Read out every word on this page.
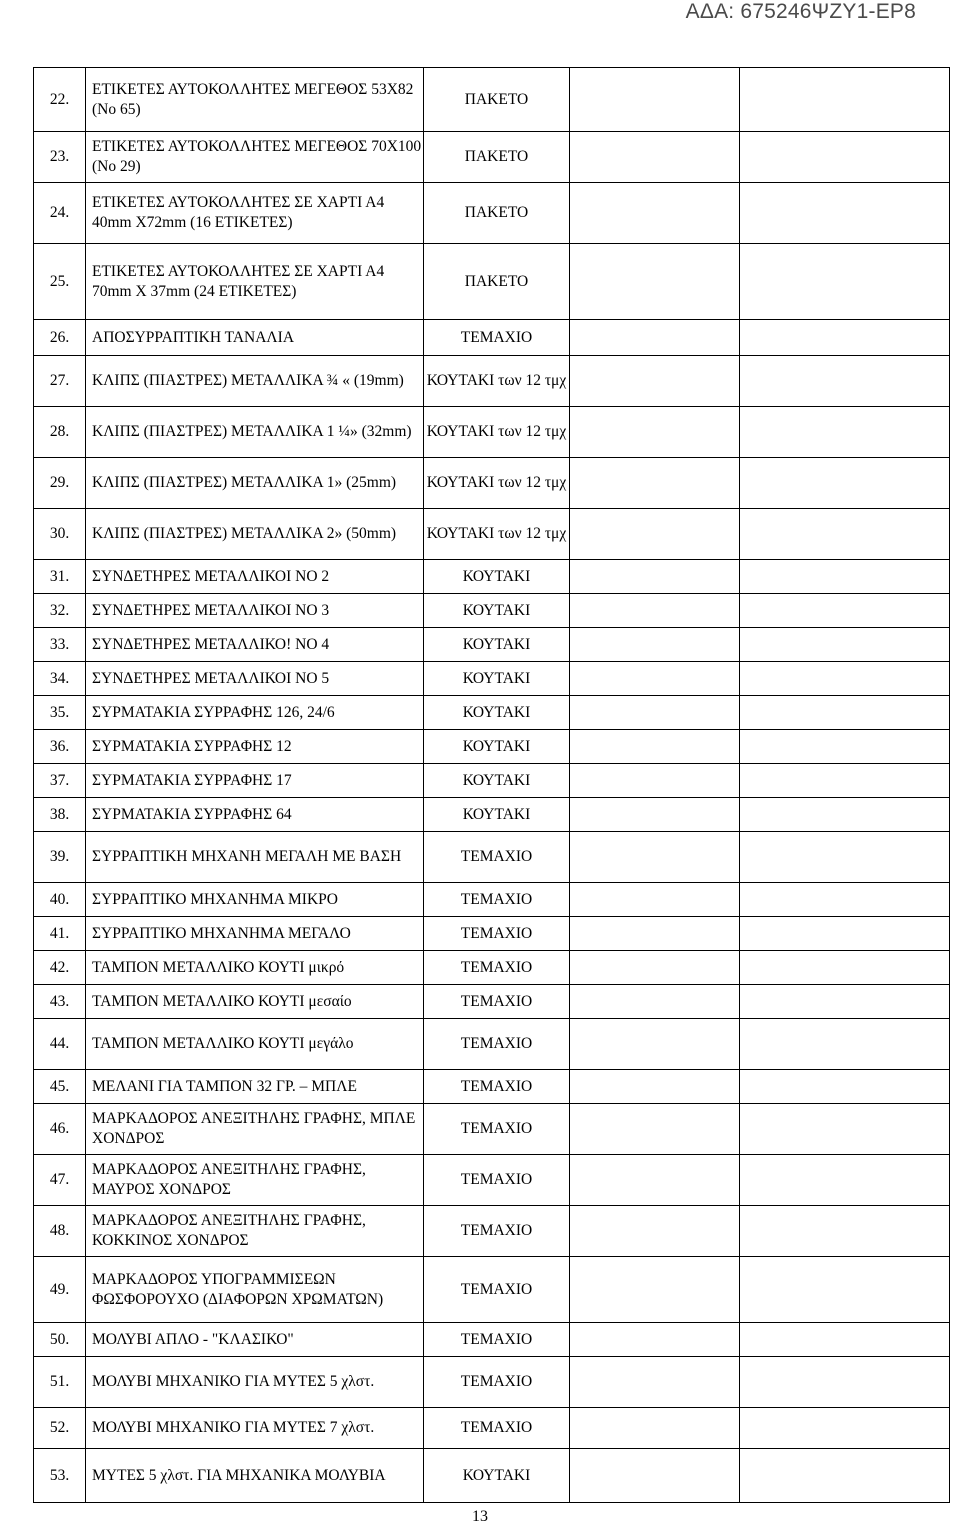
ΑΔΑ: 675246ΨΖΥ1-ΕΡ8
22.	ΕΤΙΚΕΤΕΣ ΑΥΤΟΚΟΛΛΗΤΕΣ ΜΕΓΕΘΟΣ 53Χ82 (Νο 65)	ΠΑΚΕΤΟ		
23.	ΕΤΙΚΕΤΕΣ ΑΥΤΟΚΟΛΛΗΤΕΣ ΜΕΓΕΘΟΣ 70Χ100 (Νο 29)	ΠΑΚΕΤΟ		
24.	ΕΤΙΚΕΤΕΣ ΑΥΤΟΚΟΛΛΗΤΕΣ ΣΕ ΧΑΡΤΙ Α4 40mm X72mm (16 ΕΤΙΚΕΤΕΣ)	ΠΑΚΕΤΟ		
25.	ΕΤΙΚΕΤΕΣ ΑΥΤΟΚΟΛΛΗΤΕΣ ΣΕ ΧΑΡΤΙ Α4 70mm X 37mm (24 ΕΤΙΚΕΤΕΣ)	ΠΑΚΕΤΟ		
26.	ΑΠΟΣΥΡΡΑΠΤΙΚΗ ΤΑΝΑΛΙΑ	ΤΕΜΑΧΙΟ		
27.	ΚΛΙΠΣ (ΠΙΑΣΤΡΕΣ) ΜΕΤΑΛΛΙΚΑ ¾ « (19mm)	ΚΟΥΤΑΚΙ των 12 τμχ		
28.	ΚΛΙΠΣ (ΠΙΑΣΤΡΕΣ) ΜΕΤΑΛΛΙΚΑ 1 ¼» (32mm)	ΚΟΥΤΑΚΙ των 12 τμχ		
29.	ΚΛΙΠΣ (ΠΙΑΣΤΡΕΣ) ΜΕΤΑΛΛΙΚΑ 1» (25mm)	ΚΟΥΤΑΚΙ των 12 τμχ		
30.	ΚΛΙΠΣ (ΠΙΑΣΤΡΕΣ) ΜΕΤΑΛΛΙΚΑ 2» (50mm)	ΚΟΥΤΑΚΙ των 12 τμχ		
31.	ΣΥΝΔΕΤΗΡΕΣ ΜΕΤΑΛΛΙΚΟΙ ΝΟ 2	ΚΟΥΤΑΚΙ		
32.	ΣΥΝΔΕΤΗΡΕΣ ΜΕΤΑΛΛΙΚΟΙ ΝΟ 3	ΚΟΥΤΑΚΙ		
33.	ΣΥΝΔΕΤΗΡΕΣ ΜΕΤΑΛΛΙΚΟ! ΝΟ 4	ΚΟΥΤΑΚΙ		
34.	ΣΥΝΔΕΤΗΡΕΣ ΜΕΤΑΛΛΙΚΟΙ ΝΟ 5	ΚΟΥΤΑΚΙ		
35.	ΣΥΡΜΑΤΑΚΙΑ ΣΥΡΡΑΦΗΣ 126, 24/6	ΚΟΥΤΑΚΙ		
36.	ΣΥΡΜΑΤΑΚΙΑ ΣΥΡΡΑΦΗΣ 12	ΚΟΥΤΑΚΙ		
37.	ΣΥΡΜΑΤΑΚΙΑ ΣΥΡΡΑΦΗΣ 17	ΚΟΥΤΑΚΙ		
38.	ΣΥΡΜΑΤΑΚΙΑ ΣΥΡΡΑΦΗΣ 64	ΚΟΥΤΑΚΙ		
39.	ΣΥΡΡΑΠΤΙΚΗ ΜΗΧΑΝΗ ΜΕΓΑΛΗ ΜΕ ΒΑΣΗ	ΤΕΜΑΧΙΟ		
40.	ΣΥΡΡΑΠΤΙΚΟ ΜΗΧΑΝΗΜΑ ΜΙΚΡΟ	ΤΕΜΑΧΙΟ		
41.	ΣΥΡΡΑΠΤΙΚΟ ΜΗΧΑΝΗΜΑ ΜΕΓΑΛΟ	ΤΕΜΑΧΙΟ		
42.	ΤΑΜΠΟΝ ΜΕΤΑΛΛΙΚΟ ΚΟΥΤΙ μικρό	ΤΕΜΑΧΙΟ		
43.	ΤΑΜΠΟΝ ΜΕΤΑΛΛΙΚΟ ΚΟΥΤΙ μεσαίο	ΤΕΜΑΧΙΟ		
44.	ΤΑΜΠΟΝ ΜΕΤΑΛΛΙΚΟ ΚΟΥΤΙ μεγάλο	ΤΕΜΑΧΙΟ		
45.	ΜΕΛΑΝΙ ΓΙΑ ΤΑΜΠΟΝ 32 ΓΡ. – ΜΠΛΕ	ΤΕΜΑΧΙΟ		
46.	ΜΑΡΚΑΔΟΡΟΣ ΑΝΕΞΙΤΗΛΗΣ ΓΡΑΦΗΣ, ΜΠΛΕ ΧΟΝΔΡΟΣ	ΤΕΜΑΧΙΟ		
47.	ΜΑΡΚΑΔΟΡΟΣ ΑΝΕΞΙΤΗΛΗΣ ΓΡΑΦΗΣ, ΜΑΥΡΟΣ ΧΟΝΔΡΟΣ	ΤΕΜΑΧΙΟ		
48.	ΜΑΡΚΑΔΟΡΟΣ ΑΝΕΞΙΤΗΛΗΣ ΓΡΑΦΗΣ, ΚΟΚΚΙΝΟΣ ΧΟΝΔΡΟΣ	ΤΕΜΑΧΙΟ		
49.	ΜΑΡΚΑΔΟΡΟΣ ΥΠΟΓΡΑΜΜΙΣΕΩΝ ΦΩΣΦΟΡΟΥΧΟ (ΔΙΑΦΟΡΩΝ ΧΡΩΜΑΤΩΝ)	ΤΕΜΑΧΙΟ		
50.	ΜΟΛΥΒΙ ΑΠΛΟ - "ΚΛΑΣΙΚΟ"	ΤΕΜΑΧΙΟ		
51.	ΜΟΛΥΒΙ ΜΗΧΑΝΙΚΟ ΓΙΑ ΜΥΤΕΣ 5 χλστ.	ΤΕΜΑΧΙΟ		
52.	ΜΟΛΥΒΙ ΜΗΧΑΝΙΚΟ ΓΙΑ ΜΥΤΕΣ 7 χλστ.	ΤΕΜΑΧΙΟ		
53.	ΜΥΤΕΣ 5 χλστ. ΓΙΑ ΜΗΧΑΝΙΚΑ ΜΟΛΥΒΙΑ	ΚΟΥΤΑΚΙ		
13
